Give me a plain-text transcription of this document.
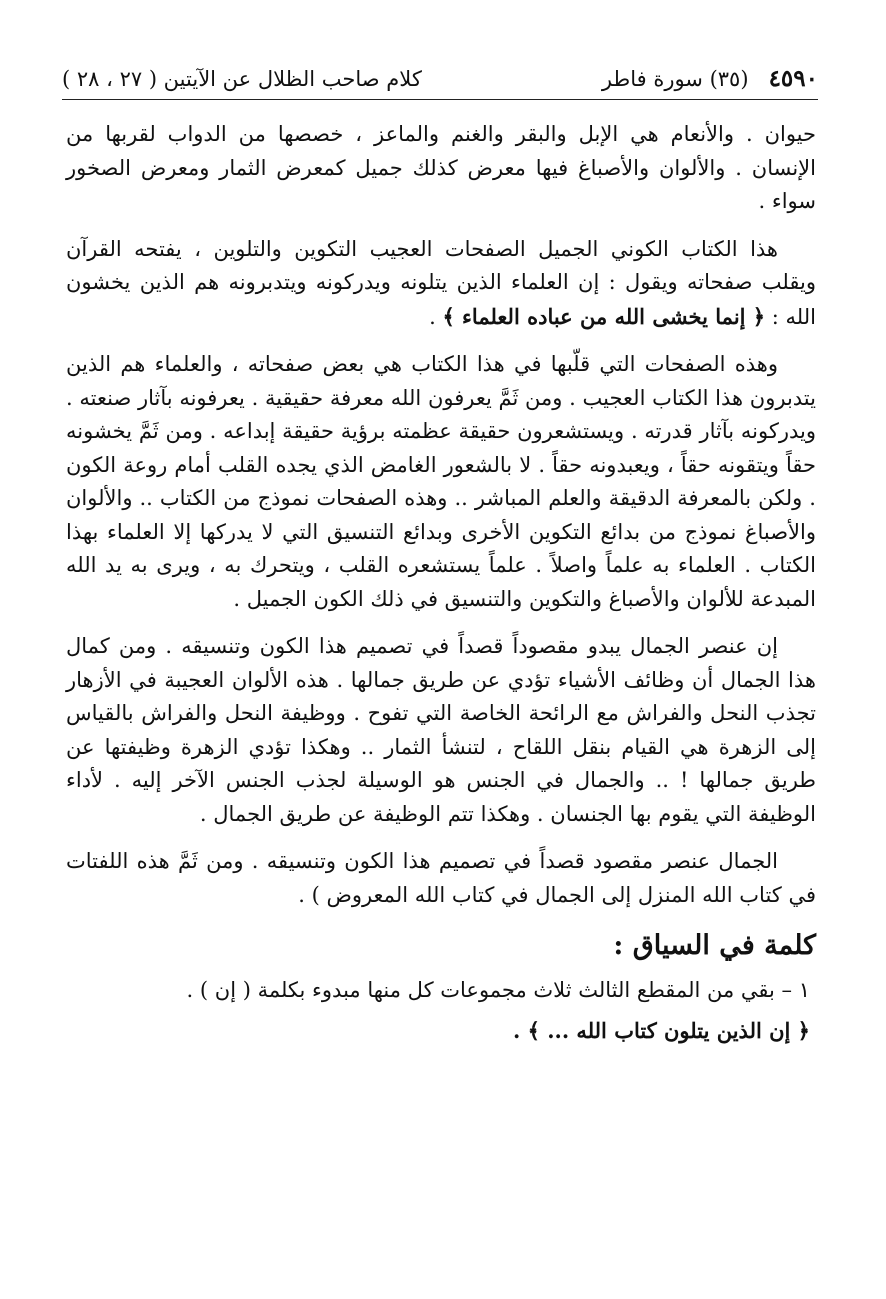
٤٥٩٠   (٣٥) سورة فاطر
كلام صاحب الظلال عن الآيتين ( ٢٧ ، ٢٨ )

حيوان . والأنعام هي الإبل والبقر والغنم والماعز ، خصصها من الدواب لقربها من الإنسان . والألوان والأصباغ فيها معرض كذلك جميل كمعرض الثمار ومعرض الصخور سواء .

هذا الكتاب الكوني الجميل الصفحات العجيب التكوين والتلوين ، يفتحه القرآن ويقلب صفحاته ويقول : إن العلماء الذين يتلونه ويدركونه ويتدبرونه هم الذين يخشون الله : ﴿ إنما يخشى الله من عباده العلماء ﴾ .

وهذه الصفحات التي قلّبها في هذا الكتاب هي بعض صفحاته ، والعلماء هم الذين يتدبرون هذا الكتاب العجيب . ومن ثَمَّ يعرفون الله معرفة حقيقية . يعرفونه بآثار صنعته . ويدركونه بآثار قدرته . ويستشعرون حقيقة عظمته برؤية حقيقة إبداعه . ومن ثَمَّ يخشونه حقاً ويتقونه حقاً ، ويعبدونه حقاً . لا بالشعور الغامض الذي يجده القلب أمام روعة الكون . ولكن بالمعرفة الدقيقة والعلم المباشر .. وهذه الصفحات نموذج من الكتاب .. والألوان والأصباغ نموذج من بدائع التكوين الأخرى وبدائع التنسيق التي لا يدركها إلا العلماء بهذا الكتاب . العلماء به علماً واصلاً . علماً يستشعره القلب ، ويتحرك به ، ويرى به يد الله المبدعة للألوان والأصباغ والتكوين والتنسيق في ذلك الكون الجميل .

إن عنصر الجمال يبدو مقصوداً قصداً في تصميم هذا الكون وتنسيقه . ومن كمال هذا الجمال أن وظائف الأشياء تؤدي عن طريق جمالها . هذه الألوان العجيبة في الأزهار تجذب النحل والفراش مع الرائحة الخاصة التي تفوح . ووظيفة النحل والفراش بالقياس إلى الزهرة هي القيام بنقل اللقاح ، لتنشأ الثمار .. وهكذا تؤدي الزهرة وظيفتها عن طريق جمالها ! .. والجمال في الجنس هو الوسيلة لجذب الجنس الآخر إليه . لأداء الوظيفة التي يقوم بها الجنسان . وهكذا تتم الوظيفة عن طريق الجمال .

الجمال عنصر مقصود قصداً في تصميم هذا الكون وتنسيقه . ومن ثَمَّ هذه اللفتات في كتاب الله المنزل إلى الجمال في كتاب الله المعروض ) .

كلمة في السياق :

١ – بقي من المقطع الثالث ثلاث مجموعات كل منها مبدوء بكلمة ( إن ) .

﴿ إن الذين يتلون كتاب الله ... ﴾ .
